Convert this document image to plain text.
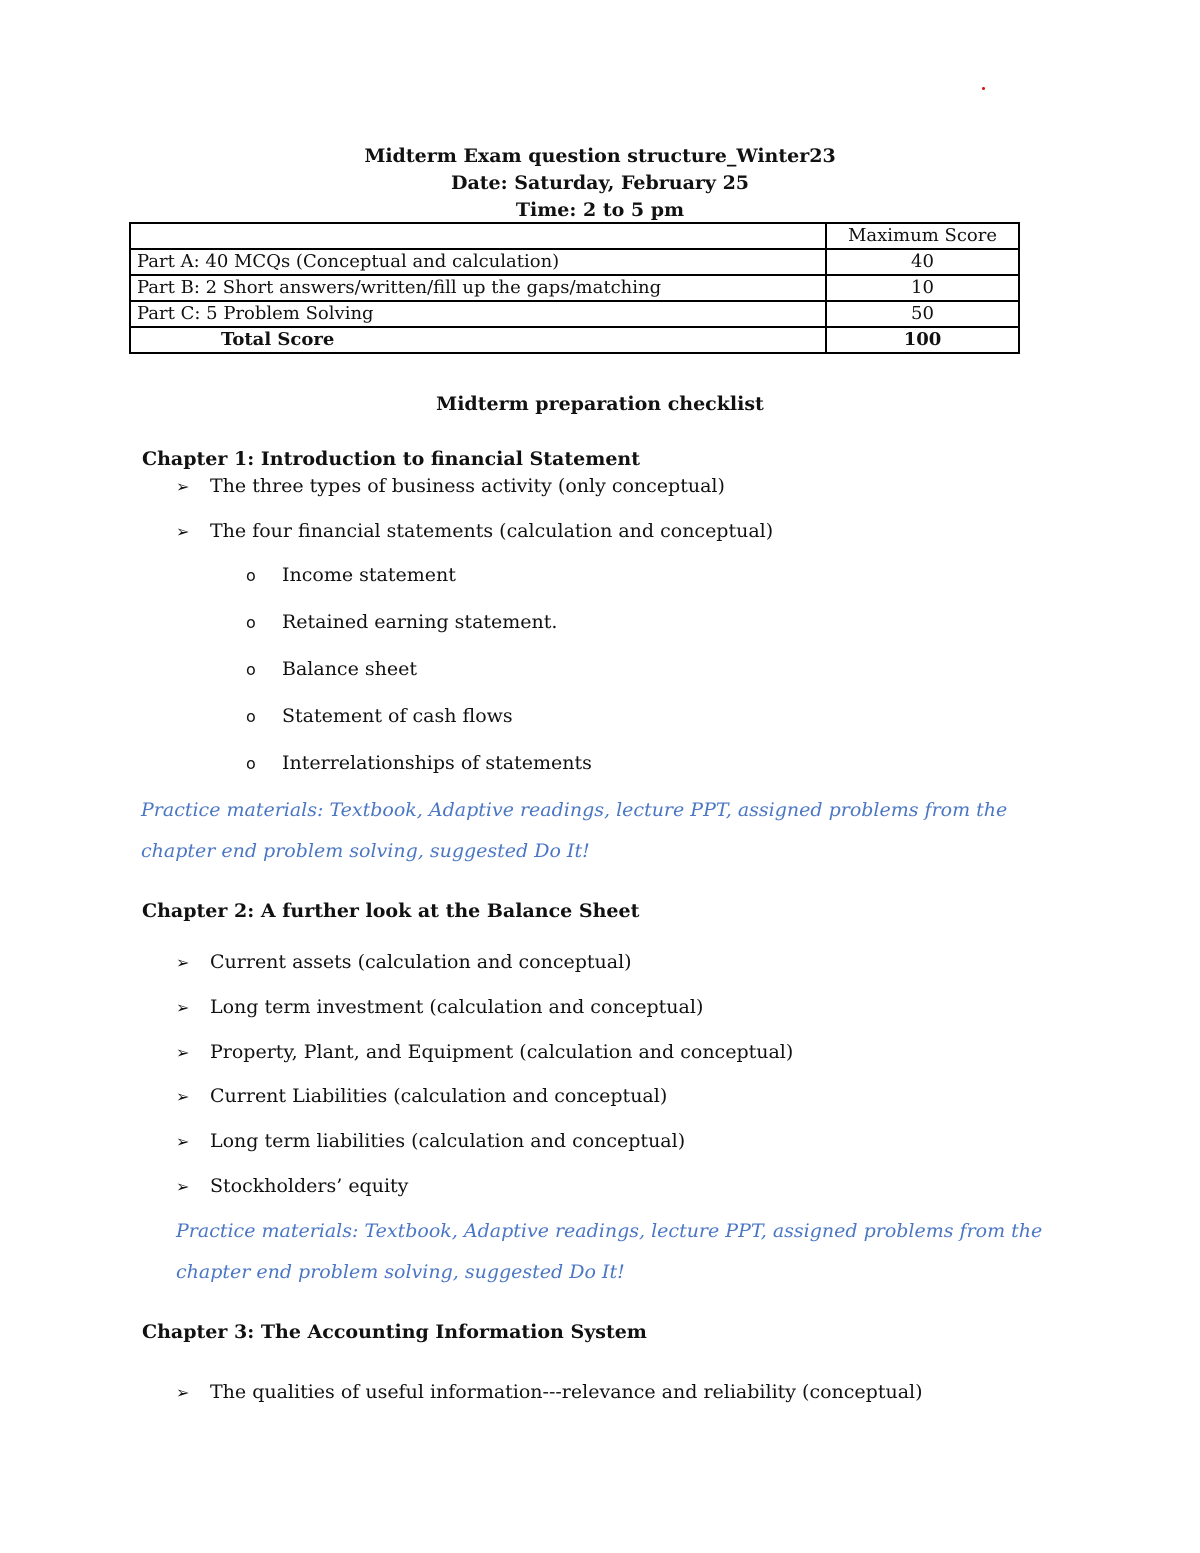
Midterm Exam question structure_Winter23
Date: Saturday, February 25
Time: 2 to 5 pm
	Maximum Score
Part A: 40 MCQs (Conceptual and calculation)	40
Part B: 2 Short answers/written/fill up the gaps/matching	10
Part C: 5 Problem Solving	50
Total Score	100
Midterm preparation checklist
Chapter 1: Introduction to financial Statement
➢ The three types of business activity (only conceptual)
➢ The four financial statements (calculation and conceptual)
o Income statement
o Retained earning statement.
o Balance sheet
o Statement of cash flows
o Interrelationships of statements
Practice materials: Textbook, Adaptive readings, lecture PPT, assigned problems from the
chapter end problem solving, suggested Do It!
Chapter 2: A further look at the Balance Sheet
➢ Current assets (calculation and conceptual)
➢ Long term investment (calculation and conceptual)
➢ Property, Plant, and Equipment (calculation and conceptual)
➢ Current Liabilities (calculation and conceptual)
➢ Long term liabilities (calculation and conceptual)
➢ Stockholders’ equity
Practice materials: Textbook, Adaptive readings, lecture PPT, assigned problems from the
chapter end problem solving, suggested Do It!
Chapter 3: The Accounting Information System
➢ The qualities of useful information---relevance and reliability (conceptual)
